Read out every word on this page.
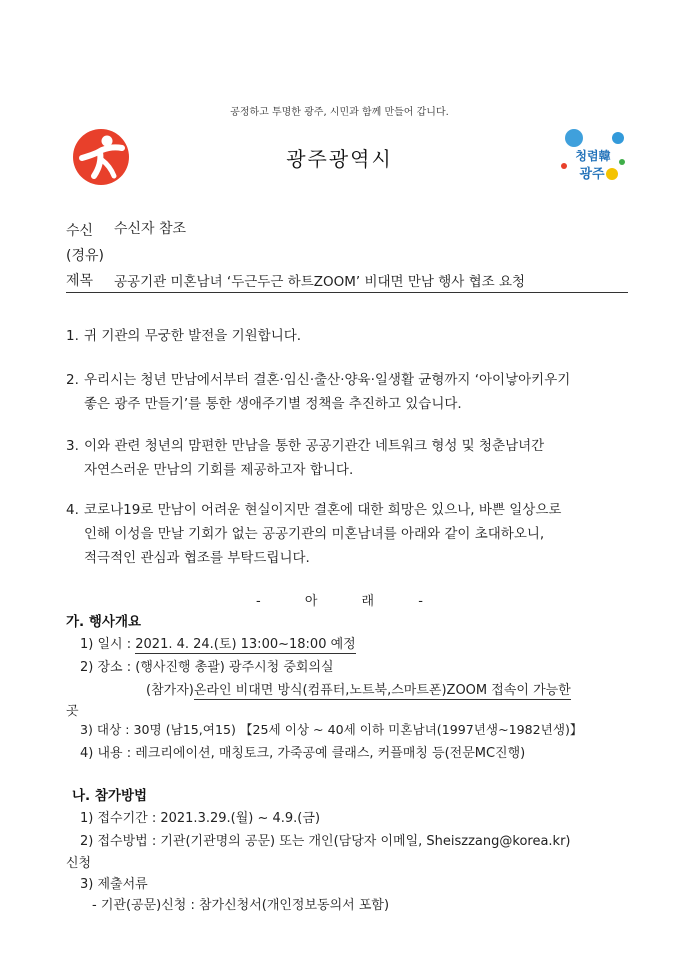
공정하고 투명한 광주, 시민과 함께 만들어 갑니다.
광주광역시	청렴韓
광주
수신 수신자 참조
(경유)
제목 공공기관 미혼남녀 ‘두근두근 하트ZOOM’ 비대면 만남 행사 협조 요청
1. 귀 기관의 무궁한 발전을 기원합니다.
2. 우리시는 청년 만남에서부터 결혼·임신·출산·양육·일생활 균형까지 ‘아이낳아키우기
좋은 광주 만들기’를 통한 생애주기별 정책을 추진하고 있습니다.
3. 이와 관련 청년의 맘편한 만남을 통한 공공기관간 네트워크 형성 및 청춘남녀간
자연스러운 만남의 기회를 제공하고자 합니다.
4. 코로나19로 만남이 어려운 현실이지만 결혼에 대한 희망은 있으나, 바쁜 일상으로
인해 이성을 만날 기회가 없는 공공기관의 미혼남녀를 아래와 같이 초대하오니,
적극적인 관심과 협조를 부탁드립니다.
- 아 래 -
가. 행사개요
1) 일시 : 2021. 4. 24.(토) 13:00~18:00 예정
2) 장소 : (행사진행 총괄) 광주시청 중회의실
(참가자)온라인 비대면 방식(컴퓨터,노트북,스마트폰)ZOOM 접속이 가능한
곳
3) 대상 : 30명 (남15,여15) 【25세 이상 ~ 40세 이하 미혼남녀(1997년생~1982년생)】
4) 내용 : 레크리에이션, 매칭토크, 가죽공예 클래스, 커플매칭 등(전문MC진행)
나. 참가방법
1) 접수기간 : 2021.3.29.(월) ~ 4.9.(금)
2) 접수방법 : 기관(기관명의 공문) 또는 개인(담당자 이메일, Sheiszzang@korea.kr)
신청
3) 제출서류
- 기관(공문)신청 : 참가신청서(개인정보동의서 포함)
